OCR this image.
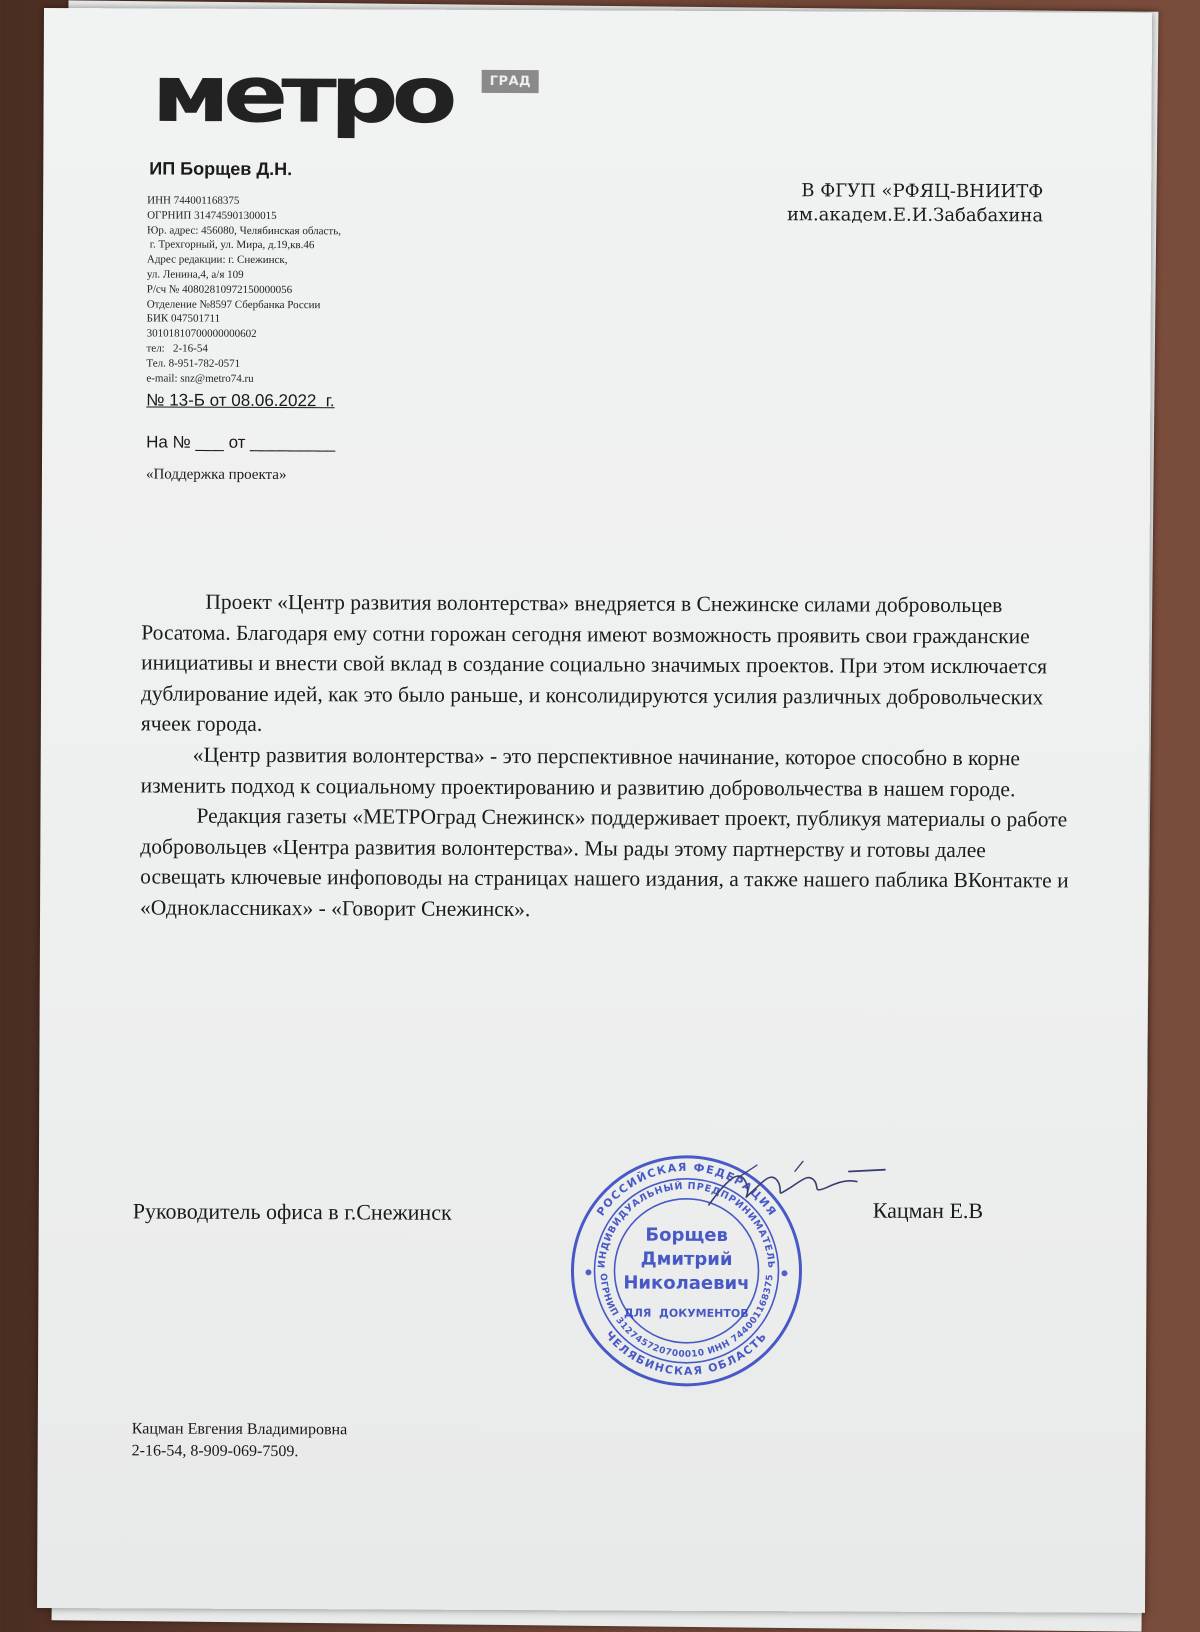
метро	ГРАД
ИП Борщев Д.Н.
ИНН 744001168375
ОГРНИП 314745901300015
Юр. адрес: 456080, Челябинская область,
г. Трехгорный, ул. Мира, д.19,кв.46
Адрес редакции: г. Снежинск,
ул. Ленина,4, а/я 109
Р/сч № 40802810972150000056
Отделение №8597 Сбербанка России
БИК 047501711
30101810700000000602
тел:   2-16-54
Тел. 8-951-782-0571
e-mail: snz@metro74.ru
В ФГУП «РФЯЦ-ВНИИТФ
им.академ.Е.И.Забабахина
№ 13-Б от 08.06.2022  г.
На № ___ от _________
«Поддержка проекта»

Проект «Центр развития волонтерства» внедряется в Снежинске силами добровольцев Росатома. Благодаря ему сотни горожан сегодня имеют возможность проявить свои гражданские инициативы и внести свой вклад в создание социально значимых проектов. При этом исключается дублирование идей, как это было раньше, и консолидируются усилия различных добровольческих ячеек города.

«Центр развития волонтерства» - это перспективное начинание, которое способно в корне изменить подход к социальному проектированию и развитию добровольчества в нашем городе.

Редакция газеты «МЕТРОград Снежинск» поддерживает проект, публикуя материалы о работе добровольцев «Центра развития волонтерства». Мы рады этому партнерству и готовы далее освещать ключевые инфоповоды на страницах нашего издания, а также нашего паблика ВКонтакте и «Одноклассниках» - «Говорит Снежинск».

Руководитель офиса в г.Снежинск	Кацман Е.В
РОССИЙСКАЯ ФЕДЕРАЦИЯ
ЧЕЛЯБИНСКАЯ ОБЛАСТЬ
ИНДИВИДУАЛЬНЫЙ ПРЕДПРИНИМАТЕЛЬ
ОГРНИП 312745720700010 ИНН 744001168375
Борщев
Дмитрий
Николаевич
ДЛЯ  ДОКУМЕНТОВ
Кацман Евгения Владимировна
2-16-54, 8-909-069-7509.
